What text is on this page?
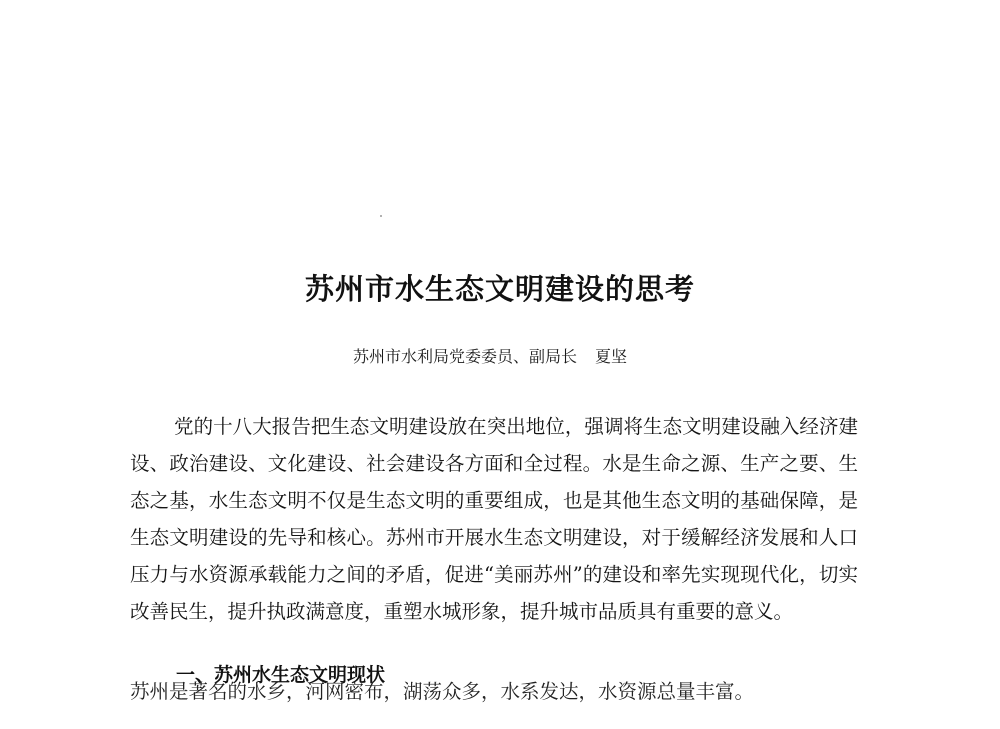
苏州市水生态文明建设的思考
苏州市水利局党委委员、副局长 夏坚
党的十八大报告把生态文明建设放在突出地位，强调将生态文明建设融入经济建设、政治建设、文化建设、社会建设各方面和全过程。水是生命之源、生产之要、生态之基，水生态文明不仅是生态文明的重要组成，也是其他生态文明的基础保障，是生态文明建设的先导和核心。苏州市开展水生态文明建设，对于缓解经济发展和人口压力与水资源承载能力之间的矛盾，促进“美丽苏州”的建设和率先实现现代化，切实改善民生，提升执政满意度，重塑水城形象，提升城市品质具有重要的意义。
一、苏州水生态文明现状
苏州是著名的水乡，河网密布，湖荡众多，水系发达，水资源总量丰富。
